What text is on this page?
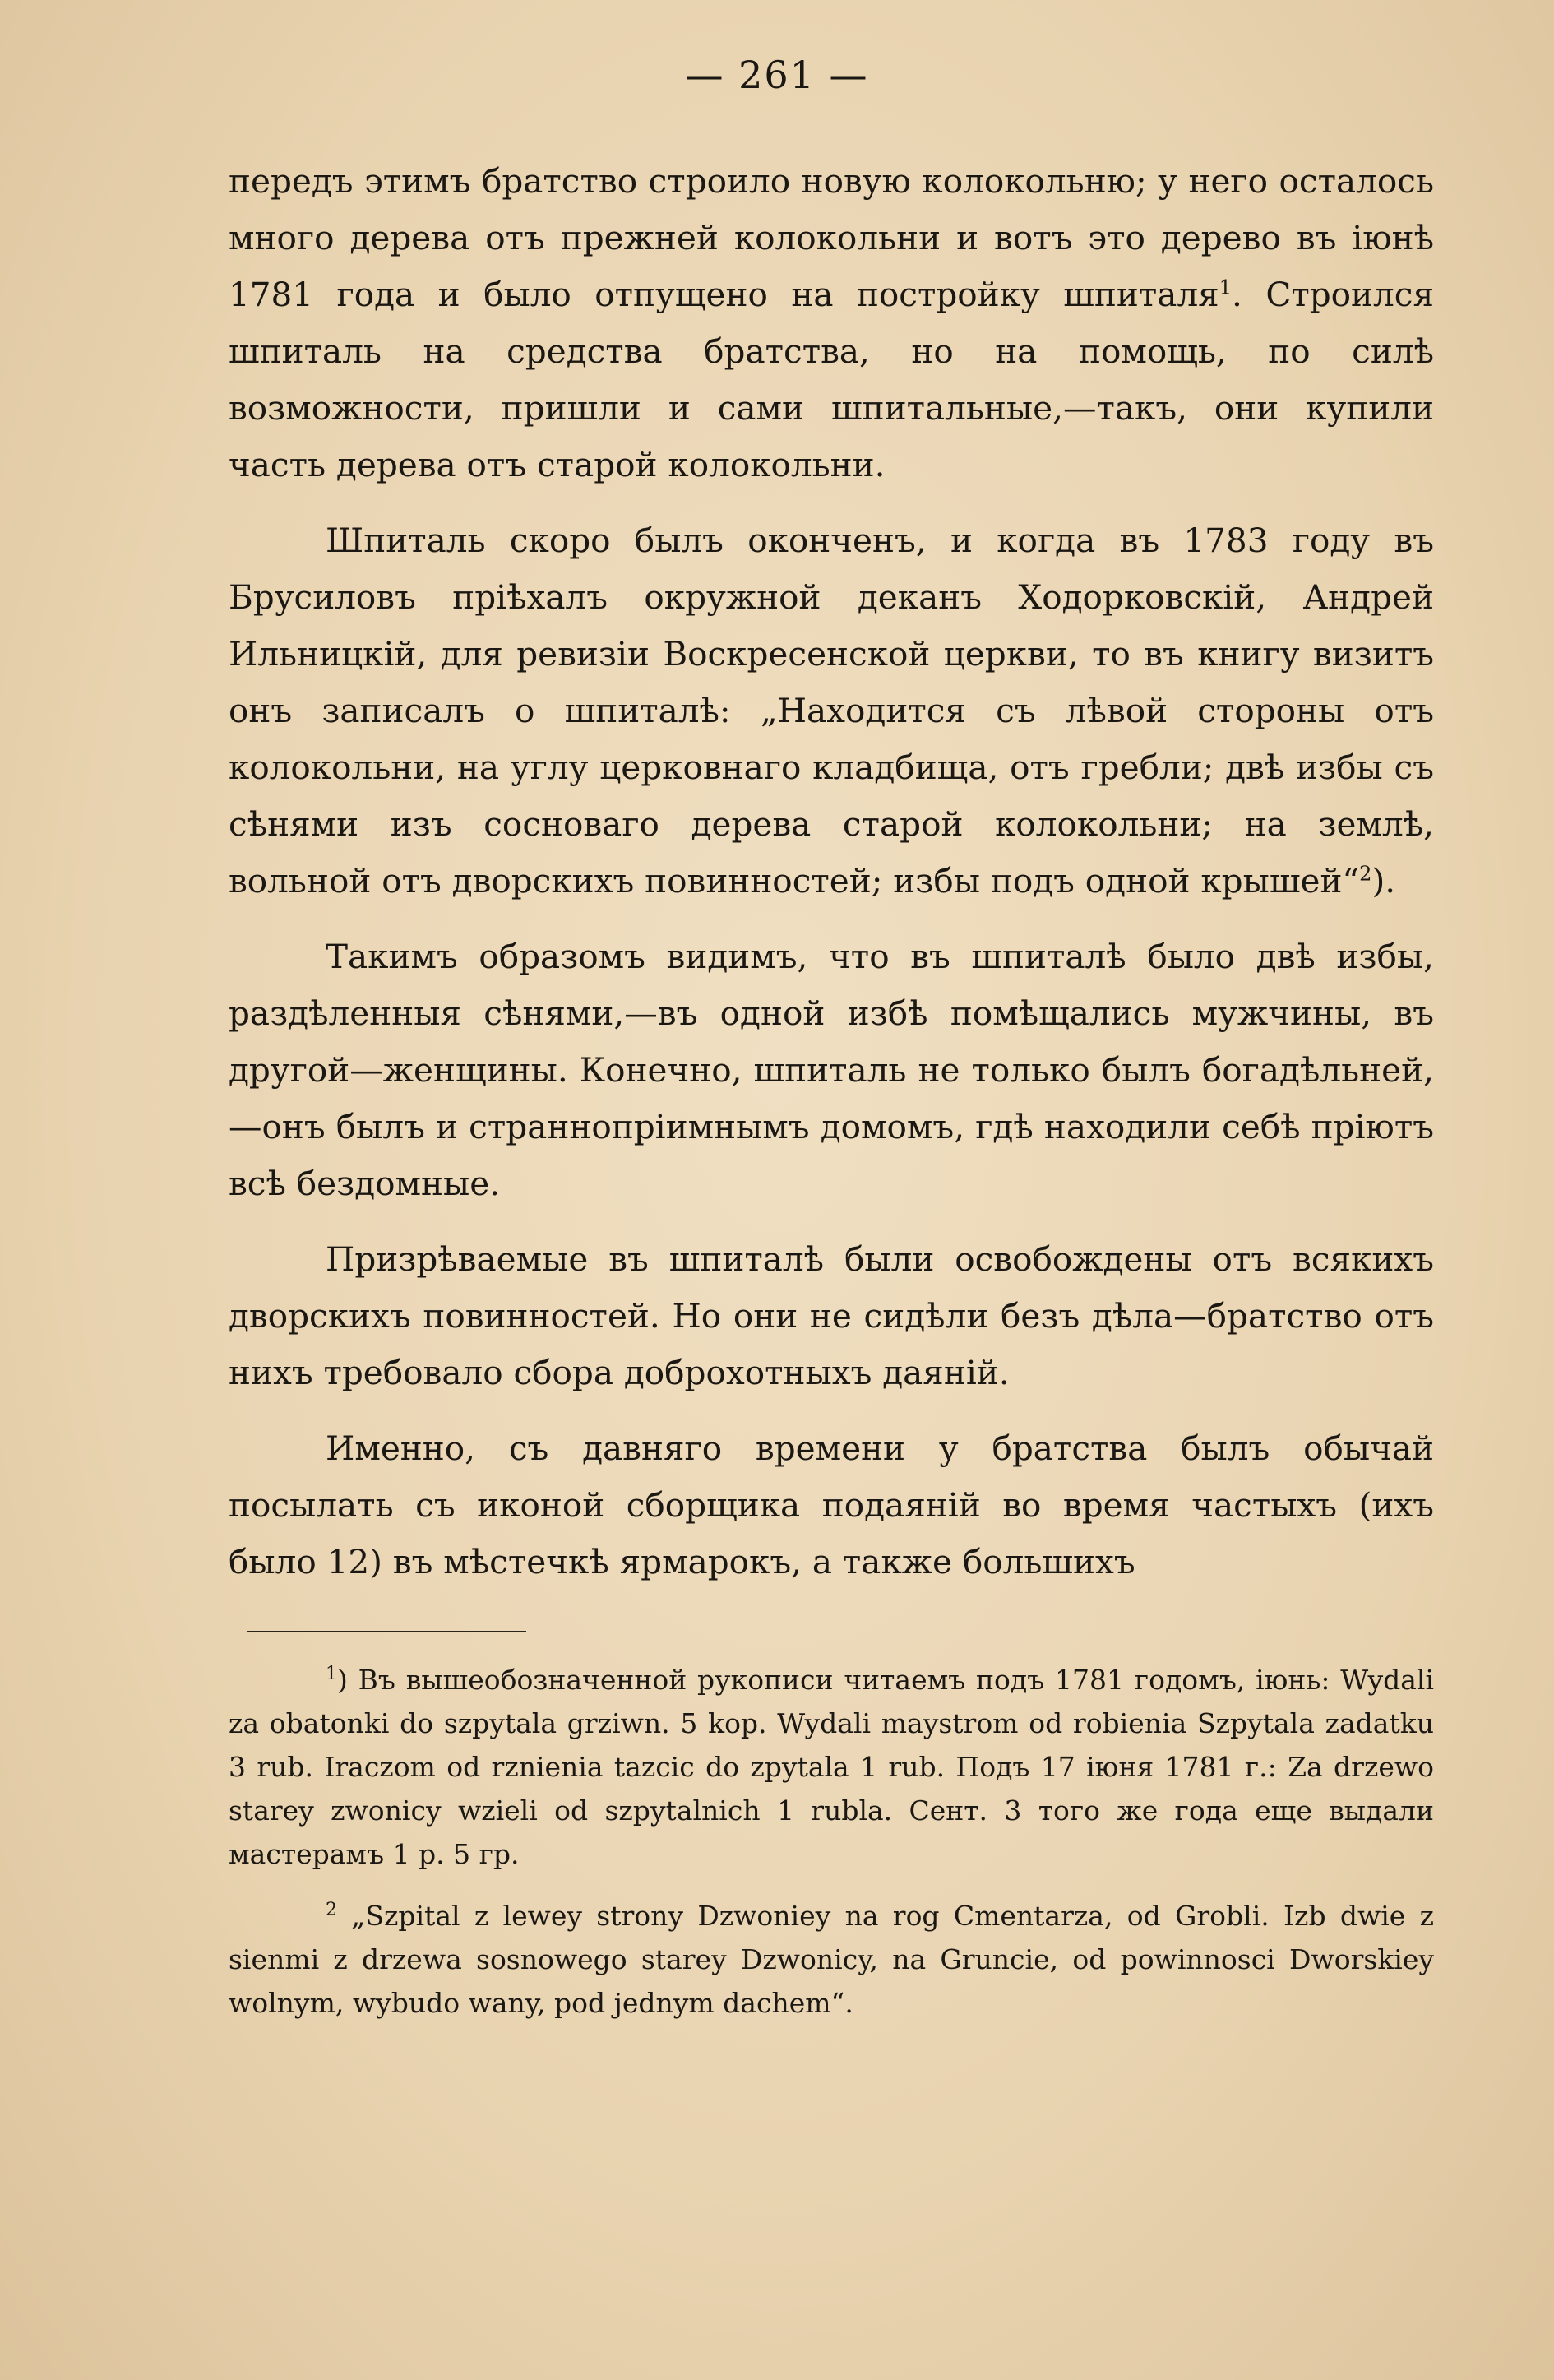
— 261 —

передъ этимъ братство строило новую колокольню; у него осталось много дерева отъ прежней колокольни и вотъ это дерево въ іюнѣ 1781 года и было отпущено на постройку шпиталя$^1$. Строился шпиталь на средства братства, но на помощь, по силѣ возможности, пришли и сами шпитальные,—такъ, они купили часть дерева отъ старой колокольни.

Шпиталь скоро былъ оконченъ, и когда въ 1783 году въ Брусиловъ пріѣхалъ окружной деканъ Ходорковскій, Андрей Ильницкій, для ревизіи Воскресенской церкви, то въ книгу визитъ онъ записалъ о шпиталѣ: „Находится съ лѣвой стороны отъ колокольни, на углу церковнаго кладбища, отъ гребли; двѣ избы съ сѣнями изъ сосноваго дерева старой колокольни; на землѣ, вольной отъ дворскихъ повинностей; избы подъ одной крышей“$^2$).

Такимъ образомъ видимъ, что въ шпиталѣ было двѣ избы, раздѣленныя сѣнями,—въ одной избѣ помѣщались мужчины, въ другой—женщины. Конечно, шпиталь не только былъ богадѣльней,—онъ былъ и страннопріимнымъ домомъ, гдѣ находили себѣ пріютъ всѣ бездомные.

Призрѣваемые въ шпиталѣ были освобождены отъ всякихъ дворскихъ повинностей. Но они не сидѣли безъ дѣла—братство отъ нихъ требовало сбора доброхотныхъ даяній.

Именно, съ давняго времени у братства былъ обычай посылать съ иконой сборщика подаяній во время частыхъ (ихъ было 12) въ мѣстечкѣ ярмарокъ, а также большихъ

$^1$) Въ вышеобозначенной рукописи читаемъ подъ 1781 годомъ, іюнь: Wydali za obatonki do szpytala grziwn. 5 kop. Wydali maystrom od robienia Szpytala zadatku 3 rub. Iraczom od rznienia tazcic do zpytala 1 rub. Подъ 17 іюня 1781 г.: Za drzewo starey zwonicy wzieli od szpytalnich 1 rubla. Сент. 3 того же года еще выдали мастерамъ 1 р. 5 гр.

$^2$ „Szpital z lewey strony Dzwoniey na rog Cmentarza, od Grobli. Izb dwie z sienmi z drzewa sosnowego starey Dzwonicy, na Gruncie, od powinnosci Dworskiey wolnym, wybudo wany, pod jednym dachem“.
